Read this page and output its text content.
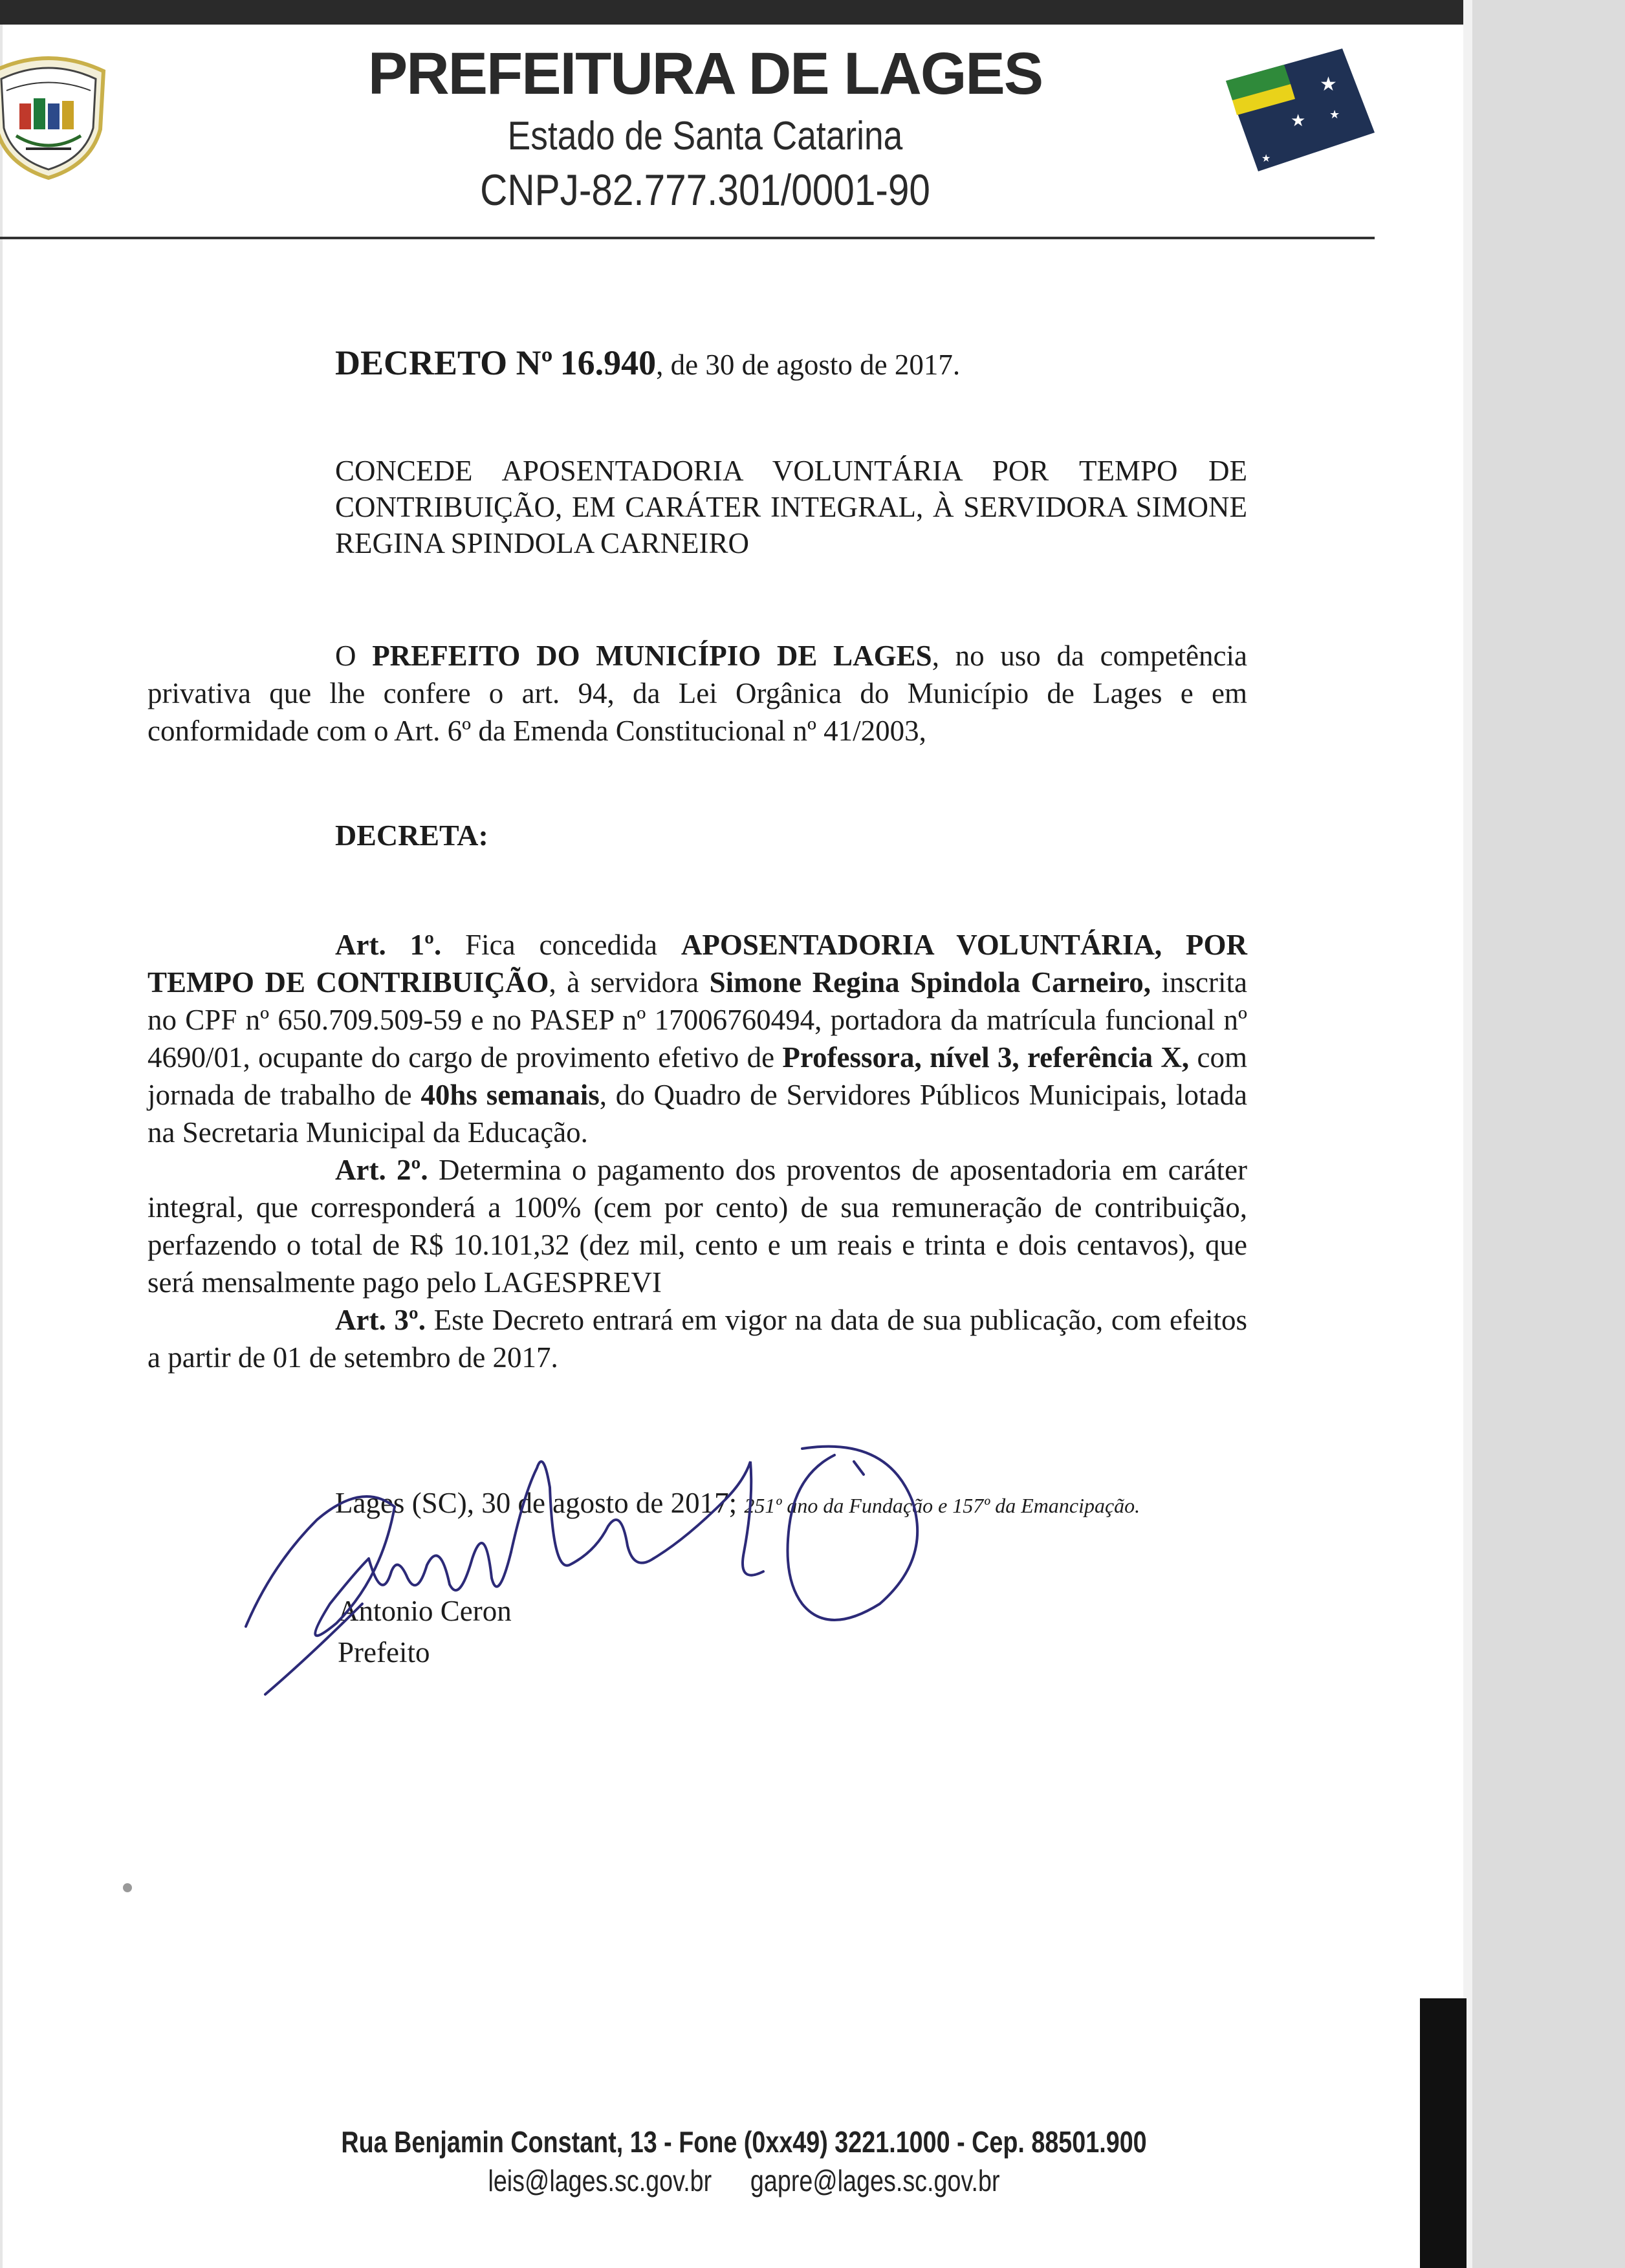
PREFEITURA DE LAGES
Estado de Santa Catarina
CNPJ-82.777.301/0001-90
★
★ ★
★
DECRETO Nº 16.940, de 30 de agosto de 2017.
CONCEDE APOSENTADORIA VOLUNTÁRIA POR TEMPO DE CONTRIBUIÇÃO, EM CARÁTER INTEGRAL, À SERVIDORA SIMONE REGINA SPINDOLA CARNEIRO
O PREFEITO DO MUNICÍPIO DE LAGES, no uso da competência privativa que lhe confere o art. 94, da Lei Orgânica do Município de Lages e em conformidade com o Art. 6º da Emenda Constitucional nº 41/2003,
DECRETA:
Art. 1º. Fica concedida APOSENTADORIA VOLUNTÁRIA, POR TEMPO DE CONTRIBUIÇÃO, à servidora Simone Regina Spindola Carneiro, inscrita no CPF nº 650.709.509-59 e no PASEP nº 17006760494, portadora da matrícula funcional nº 4690/01, ocupante do cargo de provimento efetivo de Professora, nível 3, referência X, com jornada de trabalho de 40hs semanais, do Quadro de Servidores Públicos Municipais, lotada na Secretaria Municipal da Educação.
Art. 2º. Determina o pagamento dos proventos de aposentadoria em caráter integral, que corresponderá a 100% (cem por cento) de sua remuneração de contribuição, perfazendo o total de R$ 10.101,32 (dez mil, cento e um reais e trinta e dois centavos), que será mensalmente pago pelo LAGESPREVI
Art. 3º. Este Decreto entrará em vigor na data de sua publicação, com efeitos a partir de 01 de setembro de 2017.
Lages (SC), 30 de agosto de 2017; 251º ano da Fundação e 157º da Emancipação.
Antonio Ceron
Prefeito
Rua Benjamin Constant, 13 - Fone (0xx49) 3221.1000 - Cep. 88501.900
leis@lages.sc.gov.br gapre@lages.sc.gov.br
